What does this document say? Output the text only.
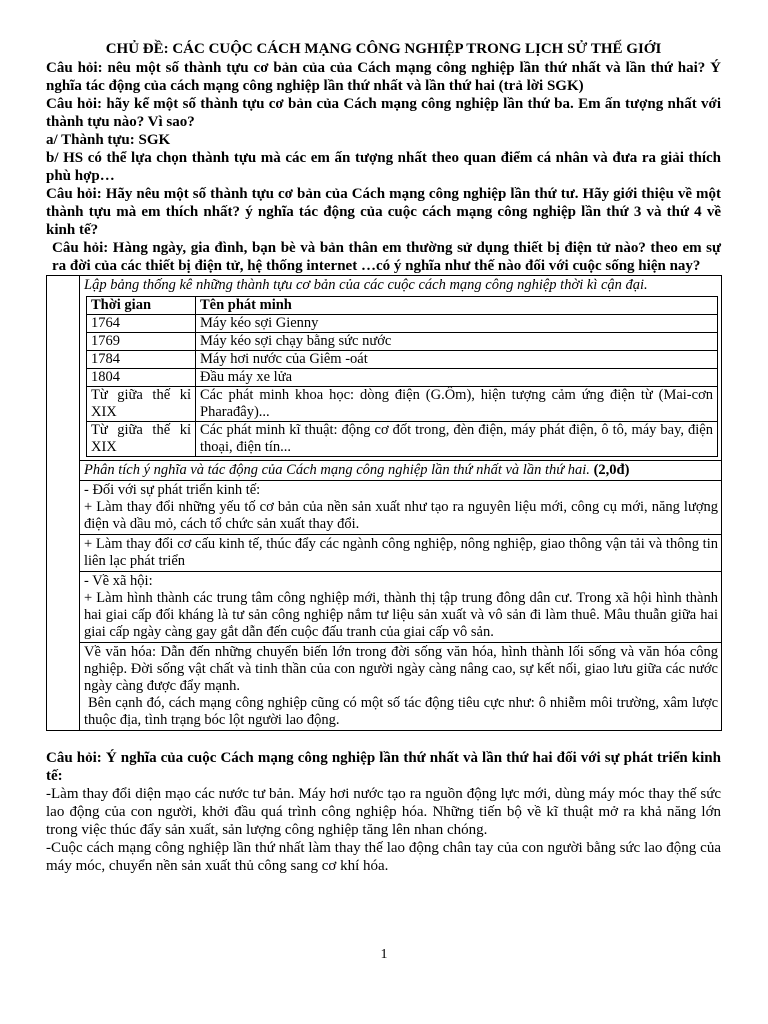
CHỦ ĐỀ: CÁC CUỘC CÁCH MẠNG CÔNG NGHIỆP TRONG LỊCH SỬ THẾ GIỚI

Câu hỏi: nêu một số thành tựu cơ bản của của Cách mạng công nghiệp lần thứ nhất và lần thứ hai? Ý nghĩa tác động của cách mạng công nghiệp lần thứ nhất và lần thứ hai (trả lời SGK)

Câu hỏi: hãy kể một số thành tựu cơ bản của Cách mạng công nghiệp lần thứ ba. Em ấn tượng nhất với thành tựu nào? Vì sao?

a/ Thành tựu: SGK

b/ HS có thể lựa chọn thành tựu mà các em ấn tượng nhất theo quan điểm cá nhân và đưa ra giải thích phù hợp…

Câu hỏi: Hãy nêu một số thành tựu cơ bản của Cách mạng công nghiệp lần thứ tư. Hãy giới thiệu về một thành tựu mà em thích nhất? ý nghĩa tác động của cuộc cách mạng công nghiệp lần thứ 3 và thứ 4 về kinh tế?

Câu hỏi: Hàng ngày, gia đình, bạn bè và bản thân em thường sử dụng thiết bị điện tử nào? theo em sự ra đời của các thiết bị điện tử, hệ thống internet …có ý nghĩa như thế nào đối với cuộc sống hiện nay?

Lập bảng thống kê những thành tựu cơ bản của các cuộc cách mạng công nghiệp thời kì cận đại.
Thời gian	Tên phát minh
1764	Máy kéo sợi Gienny
1769	Máy kéo sợi chạy bằng sức nước
1784	Máy hơi nước của Giêm -oát
1804	Đầu máy xe lửa
Từ giữa thế kỉ XIX	Các phát minh khoa học: dòng điện (G.Ôm), hiện tượng cảm ứng điện từ (Mai-cơn Pharađây)...
Từ giữa thế kỉ XIX	Các phát minh kĩ thuật: động cơ đốt trong, đèn điện, máy phát điện, ô tô, máy bay, điện thoại, điện tín...

Phân tích ý nghĩa và tác động của Cách mạng công nghiệp lần thứ nhất và lần thứ hai. (2,0đ)

- Đối với sự phát triển kinh tế:
+ Làm thay đổi những yếu tố cơ bản của nền sản xuất như tạo ra nguyên liệu mới, công cụ mới, năng lượng điện và dầu mỏ, cách tổ chức sản xuất thay đổi.

+ Làm thay đổi cơ cấu kinh tế, thúc đẩy các ngành công nghiệp, nông nghiệp, giao thông vận tải và thông tin liên lạc phát triển

- Về xã hội:
+ Làm hình thành các trung tâm công nghiệp mới, thành thị tập trung đông dân cư. Trong xã hội hình thành hai giai cấp đối kháng là tư sản công nghiệp nắm tư liệu sản xuất và vô sản đi làm thuê. Mâu thuẫn giữa hai giai cấp ngày càng gay gắt dẫn đến cuộc đấu tranh của giai cấp vô sản.

Về văn hóa: Dẫn đến những chuyển biến lớn trong đời sống văn hóa, hình thành lối sống và văn hóa công nghiệp. Đời sống vật chất và tinh thần của con người ngày càng nâng cao, sự kết nối, giao lưu giữa các nước ngày càng được đẩy mạnh.
Bên cạnh đó, cách mạng công nghiệp cũng có một số tác động tiêu cực như: ô nhiễm môi trường, xâm lược thuộc địa, tình trạng bóc lột người lao động.

Câu hỏi: Ý nghĩa của cuộc Cách mạng công nghiệp lần thứ nhất và lần thứ hai đối với sự phát triển kinh tế:

-Làm thay đổi diện mạo các nước tư bản. Máy hơi nước tạo ra nguồn động lực mới, dùng máy móc thay thế sức lao động của con người, khởi đầu quá trình công nghiệp hóa. Những tiến bộ về kĩ thuật mở ra khả năng lớn trong việc thúc đẩy sản xuất, sản lượng công nghiệp tăng lên nhan chóng.

-Cuộc cách mạng công nghiệp lần thứ nhất làm thay thế lao động chân tay của con người bằng sức lao động của máy móc, chuyển nền sản xuất thủ công sang cơ khí hóa.

1
